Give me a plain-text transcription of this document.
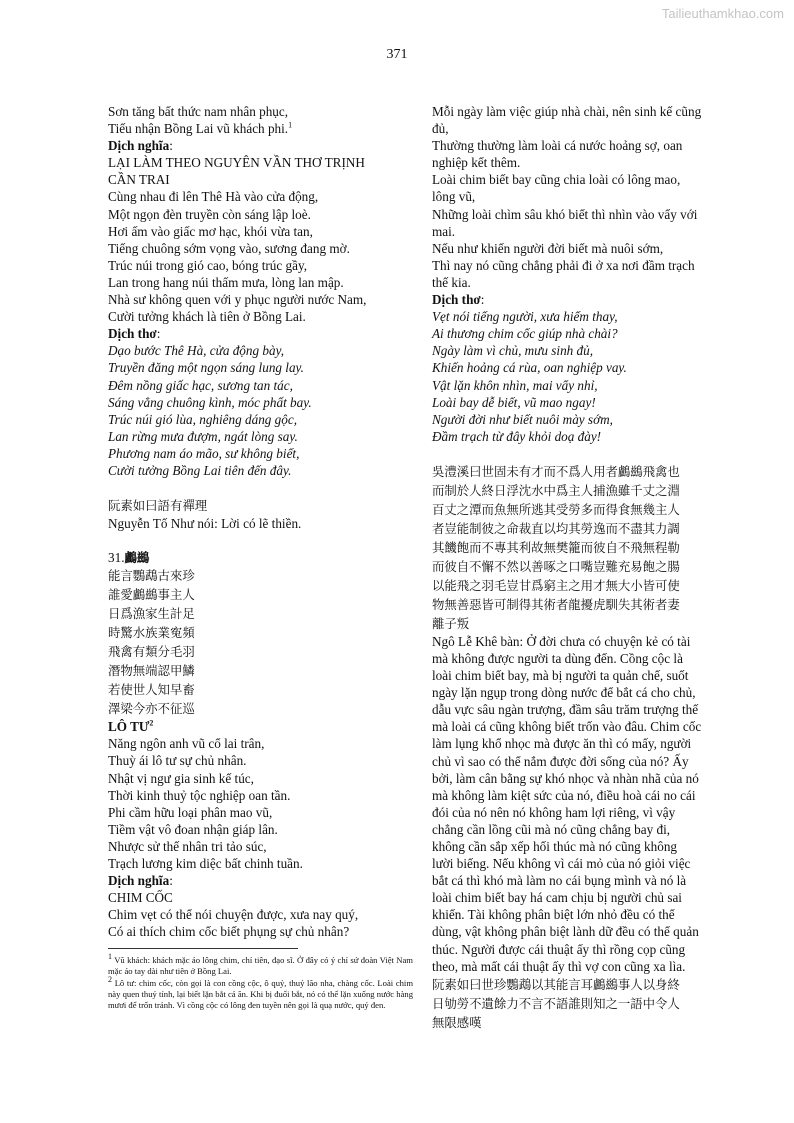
Tailieuthamkhao.com
371
Sơn tăng bất thức nam nhân phục,
Tiếu nhận Bồng Lai vũ khách phi.$^1$
Dịch nghĩa:
LẠI LÀM THEO NGUYÊN VẦN THƠ TRỊNH
CẦN TRAI
Cùng nhau đi lên Thê Hà vào cửa động,
Một ngọn đèn truyền còn sáng lập loè.
Hơi ấm vào giấc mơ hạc, khói vừa tan,
Tiếng chuông sớm vọng vào, sương đang mờ.
Trúc núi trong gió cao, bóng trúc gầy,
Lan trong hang núi thấm mưa, lòng lan mập.
Nhà sư không quen với y phục người nước Nam,
Cười tưởng khách là tiên ở Bồng Lai.
Dịch thơ:
Dạo bước Thê Hà, cửa động bày,
Truyền đăng một ngọn sáng lung lay.
Đêm nồng giấc hạc, sương tan tác,
Sáng vẳng chuông kình, móc phất bay.
Trúc núi gió lùa, nghiêng dáng gộc,
Lan rừng mưa đượm, ngát lòng say.
Phương nam áo mão, sư không biết,
Cười tưởng Bồng Lai tiên đến đây.
阮素如曰語有禪理
Nguyễn Tố Như nói: Lời có lẽ thiền.
31.鸕鷀
能言鸚鵡古來珍
誰愛鸕鷀事主人
日爲漁家生計足
時驚水族業寃頻
飛禽有類分毛羽
潛物無端認甲鱗
若使世人知早畜
澤梁今亦不征巡
LÔ $TƯ^2$
Năng ngôn anh vũ cổ lai trân,
Thuỳ ái lô tư sự chủ nhân.
Nhật vị ngư gia sinh kế túc,
Thời kinh thuỷ tộc nghiệp oan tần.
Phi cầm hữu loại phân mao vũ,
Tiềm vật vô đoan nhận giáp lân.
Nhược sử thế nhân tri tảo súc,
Trạch lương kim diệc bất chinh tuần.
Dịch nghĩa:
CHIM CỐC
Chim vẹt có thể nói chuyện được, xưa nay quý,
Có ai thích chim cốc biết phụng sự chủ nhân?
$^1$ Vũ khách: khách mặc áo lông chim, chỉ tiên, đạo sĩ. Ở đây có ý chỉ sứ đoàn Việt Nam mặc áo tay dài như tiên ở Bồng Lai.
$^2$ Lô tư: chim cốc, còn gọi là con cồng cộc, ô quỷ, thuỷ lão nha, chàng cốc. Loài chim này quen thuỷ tính, lại biết lặn bắt cá ăn. Khi bị đuổi bắt, nó có thể lặn xuống nước hàng mươi để trốn tránh. Vì cồng cộc có lông đen tuyền nên gọi là quạ nước, quỷ đen.
Mỗi ngày làm việc giúp nhà chài, nên sinh kế cũng
đủ,
Thường thường làm loài cá nước hoảng sợ, oan
nghiệp kết thêm.
Loài chim biết bay cũng chia loài có lông mao,
lông vũ,
Những loài chìm sâu khó biết thì nhìn vào vẩy với
mai.
Nếu như khiến người đời biết mà nuôi sớm,
Thì nay nó cũng chẳng phải đi ở xa nơi đầm trạch
thế kia.
Dịch thơ:
Vẹt nói tiếng người, xưa hiếm thay,
Ai thương chim cốc giúp nhà chài?
Ngày làm vì chủ, mưu sinh đủ,
Khiến hoảng cá rùa, oan nghiệp vay.
Vật lặn khôn nhìn, mai vẩy nhỉ,
Loài bay dễ biết, vũ mao ngay!
Người đời như biết nuôi mày sớm,
Đầm trạch từ đây khỏi doạ đày!
吳澧溪曰世固未有才而不爲人用者鸕鷀飛禽也
而制於人終日浮沈水中爲主人捕漁雖千丈之淵
百丈之潭而魚無所逃其受勞多而得食無幾主人
者豈能制彼之命裁直以均其勞逸而不盡其力調
其饑飽而不專其利故無樊籠而彼自不飛無程勒
而彼自不懈不然以善啄之口嘴豈難充易飽之腸
以能飛之羽毛豈甘爲窮主之用才無大小皆可使
物無善惡皆可制得其術者龍擾虎馴失其術者妻
離子叛
Ngô Lễ Khê bàn: Ở đời chưa có chuyện kẻ có tài
mà không được người ta dùng đến. Cồng cộc là
loài chim biết bay, mà bị người ta quản chế, suốt
ngày lặn ngụp trong dòng nước để bắt cá cho chủ,
dẫu vực sâu ngàn trượng, đầm sâu trăm trượng thế
mà loài cá cũng không biết trốn vào đâu. Chim cốc
làm lụng khổ nhọc mà được ăn thì có mấy, người
chủ vì sao có thể nắm được đời sống của nó? Ấy
bởi, làm cân bằng sự khó nhọc và nhàn nhã của nó
mà không làm kiệt sức của nó, điều hoà cái no cái
đói của nó nên nó không ham lợi riêng, vì vậy
chẳng cần lồng cũi mà nó cũng chẳng bay đi,
không cần sắp xếp hối thúc mà nó cũng không
lười biếng. Nếu không vì cái mỏ của nó giỏi việc
bắt cá thì khó mà làm no cái bụng mình và nó là
loài chim biết bay há cam chịu bị người chủ sai
khiến. Tài không phân biệt lớn nhỏ đều có thể
dùng, vật không phân biệt lành dữ đều có thể quản
thúc. Người được cái thuật ấy thì rồng cọp cũng
theo, mà mất cái thuật ấy thì vợ con cũng xa lìa.
阮素如曰世珍鸚鵡以其能言耳鸕鷀事人以身終
日劬勞不遺餘力不言不語誰則知之一語中令人
無限感嘆
